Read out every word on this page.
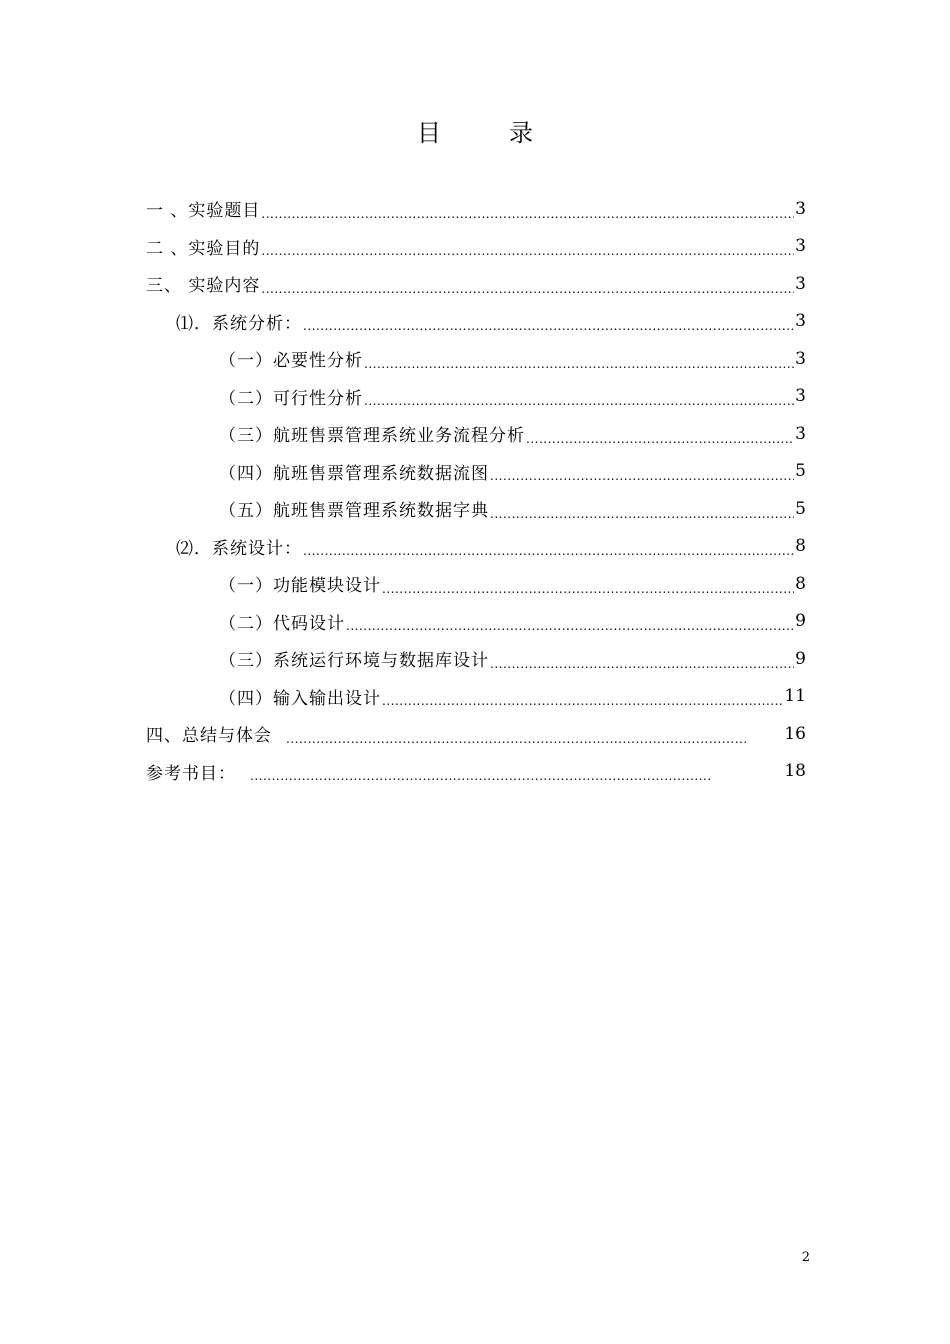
目	录
一 、实验题目 .....	3
二 、实验目的 .....	3
三、 实验内容 .....	3
⑴．系统分析： .....	3
（一）必要性分析 .....	3
（二）可行性分析 .....	3
（三）航班售票管理系统业务流程分析 .....	3
（四）航班售票管理系统数据流图 .....	5
（五）航班售票管理系统数据字典 .....	5
⑵．系统设计： .....	8
（一）功能模块设计 .....	8
（二）代码设计 .....	9
（三）系统运行环境与数据库设计 .....	9
（四）输入输出设计 .....	11
四、总结与体会 .....	16
参考书目： .....	18
2
